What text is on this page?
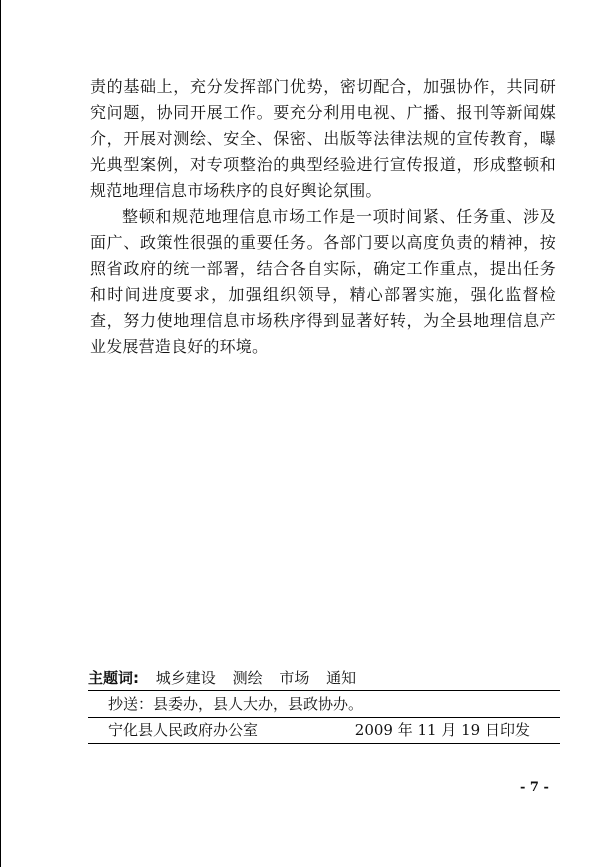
责的基础上，充分发挥部门优势，密切配合，加强协作，共同研究问题，协同开展工作。要充分利用电视、广播、报刊等新闻媒介，开展对测绘、安全、保密、出版等法律法规的宣传教育，曝光典型案例，对专项整治的典型经验进行宣传报道，形成整顿和规范地理信息市场秩序的良好舆论氛围。

整顿和规范地理信息市场工作是一项时间紧、任务重、涉及面广、政策性很强的重要任务。各部门要以高度负责的精神，按照省政府的统一部署，结合各自实际，确定工作重点，提出任务和时间进度要求，加强组织领导，精心部署实施，强化监督检查，努力使地理信息市场秩序得到显著好转，为全县地理信息产业发展营造良好的环境。

主题词: 城乡建设 测绘 市场 通知
抄送：县委办，县人大办，县政协办。
宁化县人民政府办公室	2009 年 11 月 19 日印发
- 7 -
